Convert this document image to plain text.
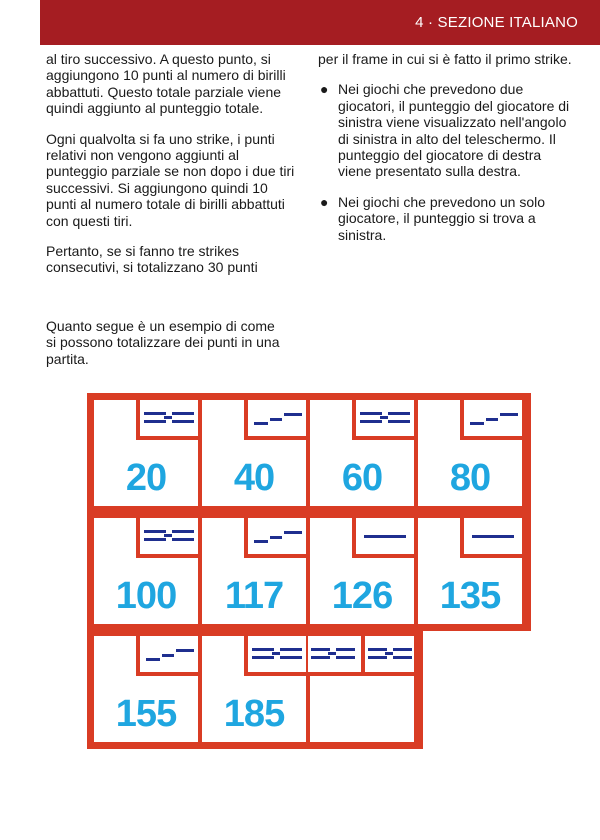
4 · SEZIONE ITALIANO

al tiro successivo. A questo punto, si aggiungono 10 punti al numero di birilli abbattuti. Questo totale parziale viene quindi aggiunto al punteggio totale.

Ogni qualvolta si fa uno strike, i punti relativi non vengono aggiunti al punteggio parziale se non dopo i due tiri successivi. Si aggiungono quindi 10 punti al numero totale di birilli abbattuti con questi tiri.

Pertanto, se si fanno tre strikes consecutivi, si totalizzano 30 punti

per il frame in cui si è fatto il primo strike.

● Nei giochi che prevedono due giocatori, il punteggio del giocatore di sinistra viene visualizzato nell'angolo di sinistra in alto del teleschermo. Il punteggio del giocatore di destra viene presentato sulla destra.
● Nei giochi che prevedono un solo giocatore, il punteggio si trova a sinistra.
Quanto segue è un esempio di come si possono totalizzare dei punti in una partita.
20	40	60	80
100	117	126	135
155	185
